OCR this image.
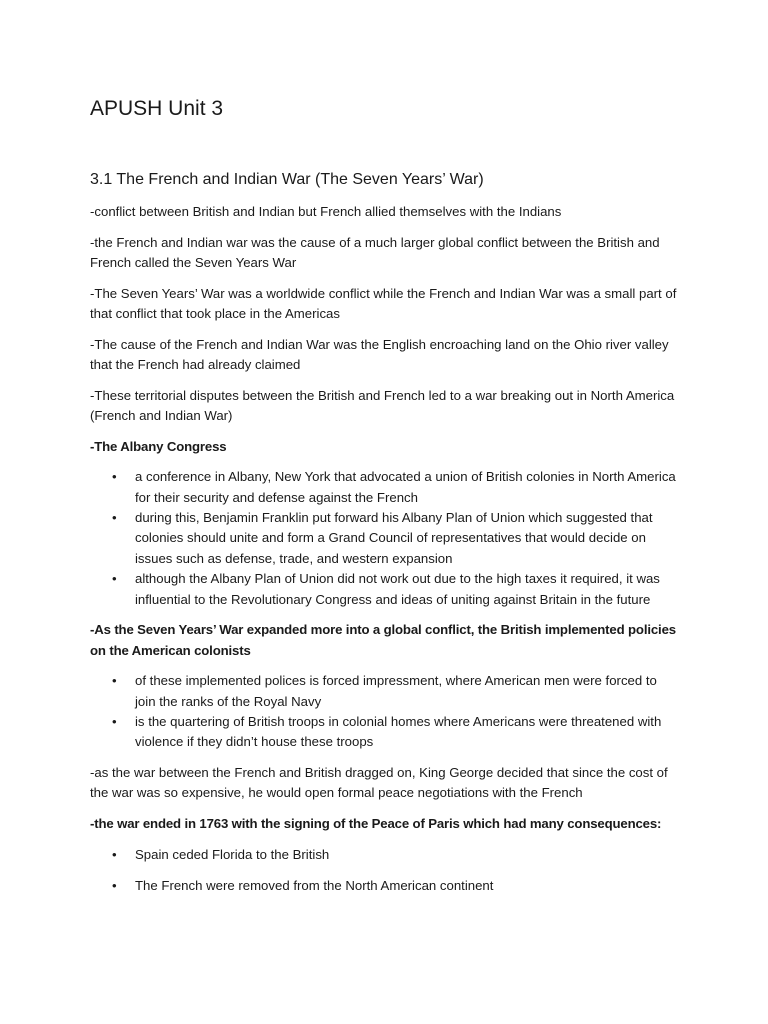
APUSH Unit 3
3.1 The French and Indian War (The Seven Years’ War)

-conflict between British and Indian but French allied themselves with the Indians

-the French and Indian war was the cause of a much larger global conflict between the British and French called the Seven Years War

-The Seven Years’ War was a worldwide conflict while the French and Indian War was a small part of that conflict that took place in the Americas

-The cause of the French and Indian War was the English encroaching land on the Ohio river valley that the French had already claimed

-These territorial disputes between the British and French led to a war breaking out in North America (French and Indian War)

-The Albany Congress

• a conference in Albany, New York that advocated a union of British colonies in North America for their security and defense against the French
• during this, Benjamin Franklin put forward his Albany Plan of Union which suggested that colonies should unite and form a Grand Council of representatives that would decide on issues such as defense, trade, and western expansion
• although the Albany Plan of Union did not work out due to the high taxes it required, it was influential to the Revolutionary Congress and ideas of uniting against Britain in the future

-As the Seven Years’ War expanded more into a global conflict, the British implemented policies on the American colonists

• of these implemented polices is forced impressment, where American men were forced to join the ranks of the Royal Navy
• is the quartering of British troops in colonial homes where Americans were threatened with violence if they didn’t house these troops

-as the war between the French and British dragged on, King George decided that since the cost of the war was so expensive, he would open formal peace negotiations with the French

-the war ended in 1763 with the signing of the Peace of Paris which had many consequences:

• Spain ceded Florida to the British
• The French were removed from the North American continent
